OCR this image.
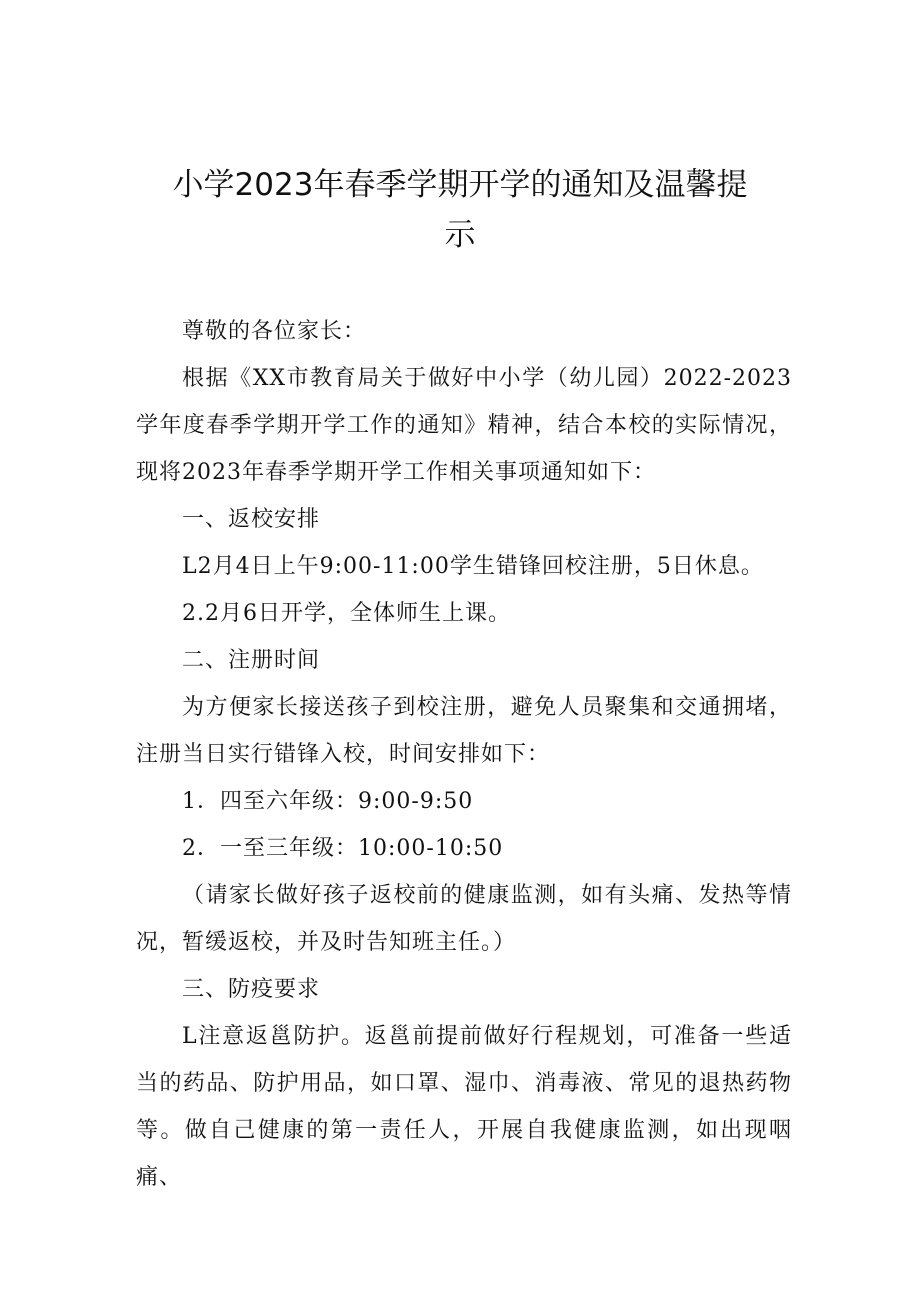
小学2023年春季学期开学的通知及温馨提
示

尊敬的各位家长：

根据《XX市教育局关于做好中小学（幼儿园）2022-2023学年度春季学期开学工作的通知》精神，结合本校的实际情况，现将2023年春季学期开学工作相关事项通知如下：

一、返校安排

L2月4日上午9:00-11:00学生错锋回校注册，5日休息。

2.2月6日开学，全体师生上课。

二、注册时间

为方便家长接送孩子到校注册，避免人员聚集和交通拥堵，注册当日实行错锋入校，时间安排如下：

1．四至六年级：9:00-9:50

2．一至三年级：10:00-10:50

（请家长做好孩子返校前的健康监测，如有头痛、发热等情况，暂缓返校，并及时告知班主任。）

三、防疫要求

L注意返邕防护。返邕前提前做好行程规划，可准备一些适当的药品、防护用品，如口罩、湿巾、消毒液、常见的退热药物等。做自己健康的第一责任人，开展自我健康监测，如出现咽痛、
